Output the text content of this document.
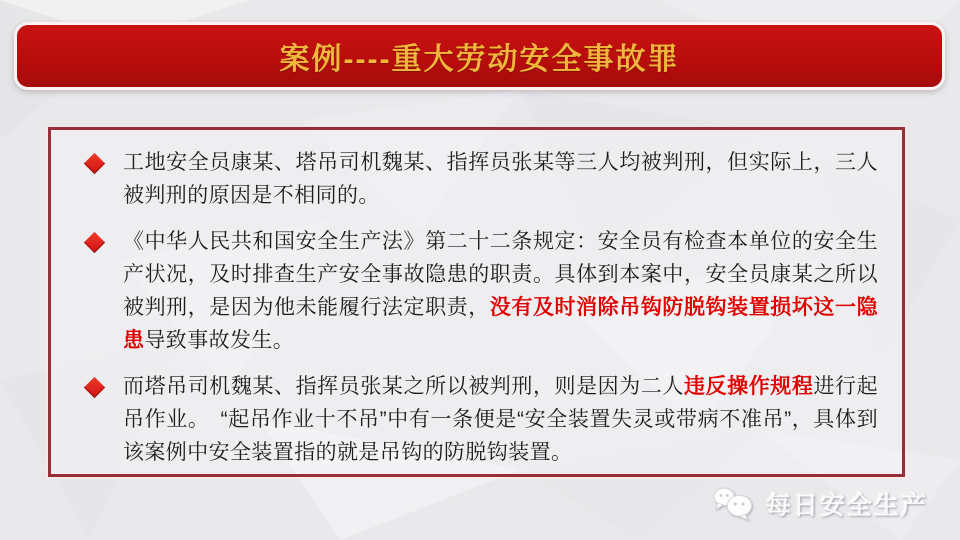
案例----重大劳动安全事故罪

工地安全员康某、塔吊司机魏某、指挥员张某等三人均被判刑，但实际上，三人被判刑的原因是不相同的。

《中华人民共和国安全生产法》第二十二条规定：安全员有检查本单位的安全生产状况，及时排查生产安全事故隐患的职责。具体到本案中，安全员康某之所以被判刑，是因为他未能履行法定职责，没有及时消除吊钩防脱钩装置损坏这一隐患导致事故发生。

而塔吊司机魏某、指挥员张某之所以被判刑，则是因为二人违反操作规程进行起吊作业。　“起吊作业十不吊”中有一条便是“安全装置失灵或带病不准吊”，具体到该案例中安全装置指的就是吊钩的防脱钩装置。

每日安全生产
